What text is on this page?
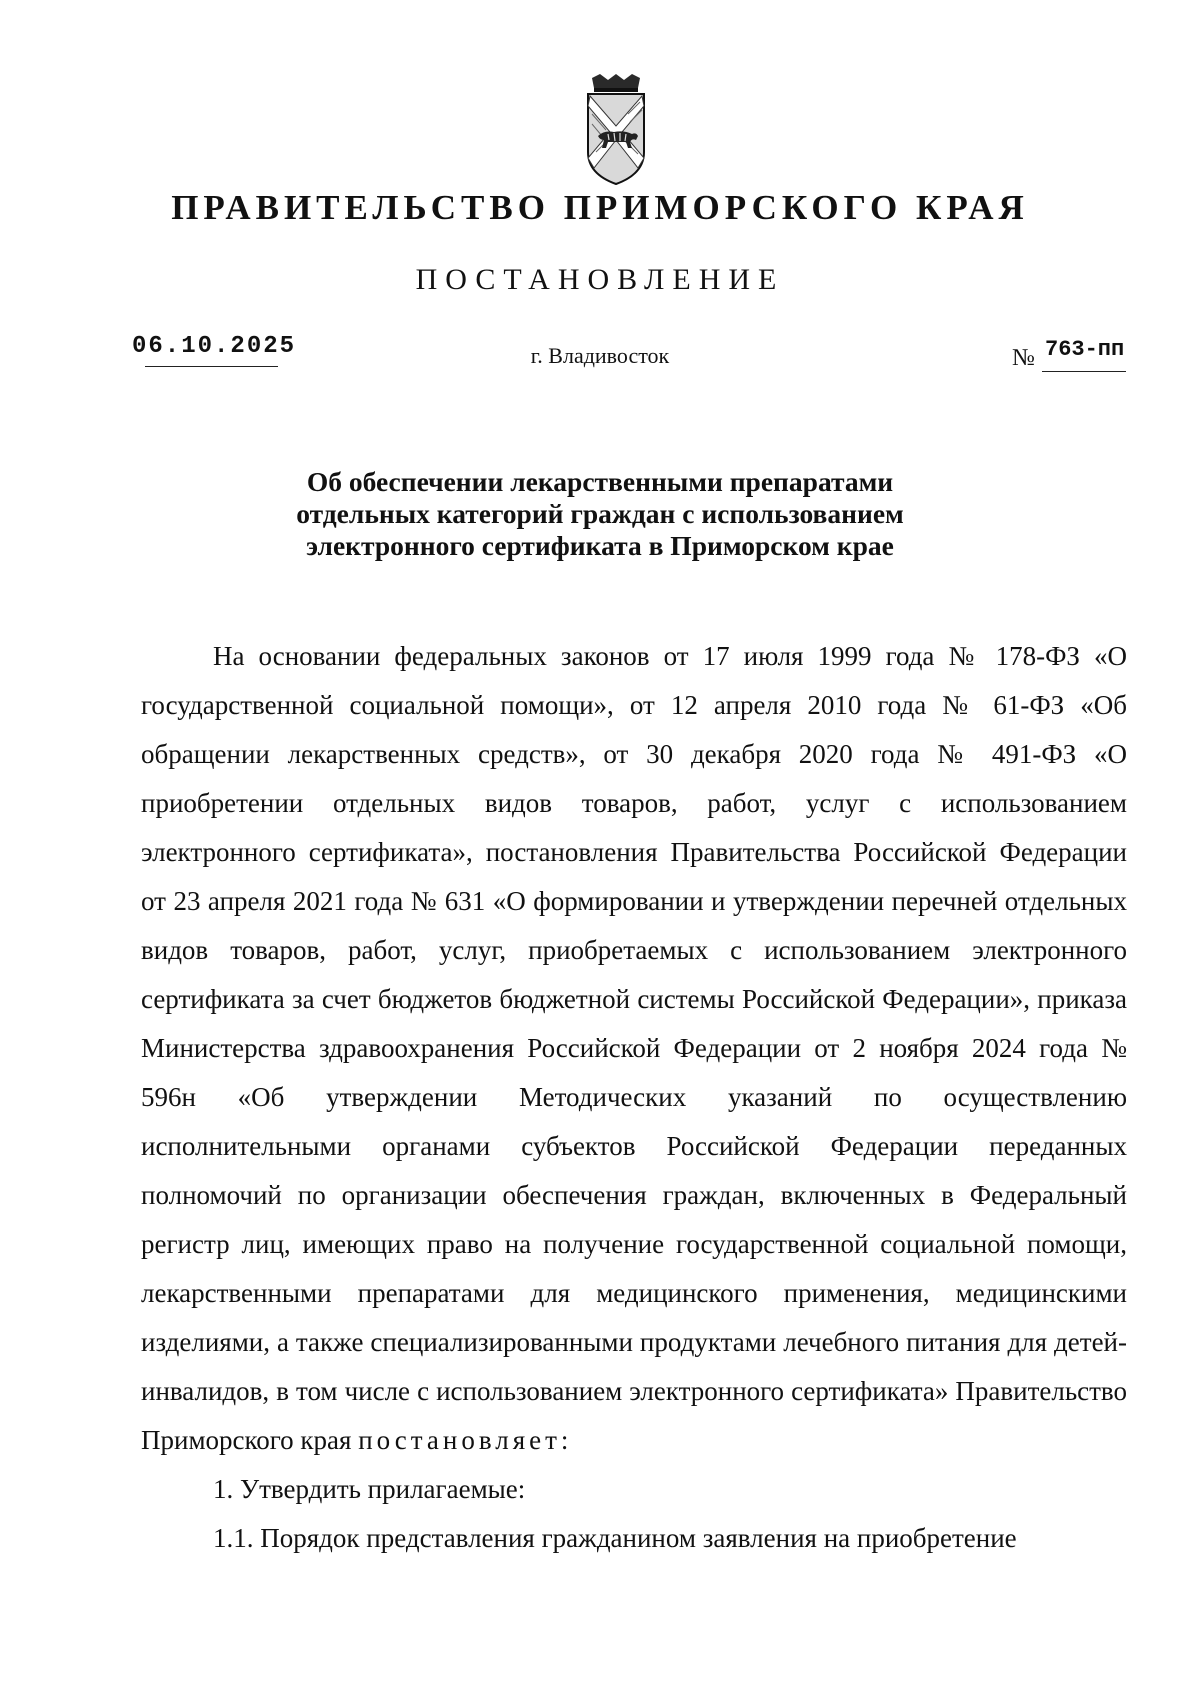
ПРАВИТЕЛЬСТВО ПРИМОРСКОГО КРАЯ
ПОСТАНОВЛЕНИЕ
06.10.2025	г. Владивосток	№ 763-пп
Об обеспечении лекарственными препаратами
отдельных категорий граждан с использованием
электронного сертификата в Приморском крае

На основании федеральных законов от 17 июля 1999 года № 178-ФЗ «О государственной социальной помощи», от 12 апреля 2010 года № 61-ФЗ «Об обращении лекарственных средств», от 30 декабря 2020 года № 491-ФЗ «О приобретении отдельных видов товаров, работ, услуг с использованием электронного сертификата», постановления Правительства Российской Федерации от 23 апреля 2021 года № 631 «О формировании и утверждении перечней отдельных видов товаров, работ, услуг, приобретаемых с использованием электронного сертификата за счет бюджетов бюджетной системы Российской Федерации», приказа Министерства здравоохранения Российской Федерации от 2 ноября 2024 года № 596н «Об утверждении Методических указаний по осуществлению исполнительными органами субъектов Российской Федерации переданных полномочий по организации обеспечения граждан, включенных в Федеральный регистр лиц, имеющих право на получение государственной социальной помощи, лекарственными препаратами для медицинского применения, медицинскими изделиями, а также специализированными продуктами лечебного питания для детей-инвалидов, в том числе с использованием электронного сертификата» Правительство Приморского края постановляет:

1. Утвердить прилагаемые:

1.1. Порядок представления гражданином заявления на приобретение
